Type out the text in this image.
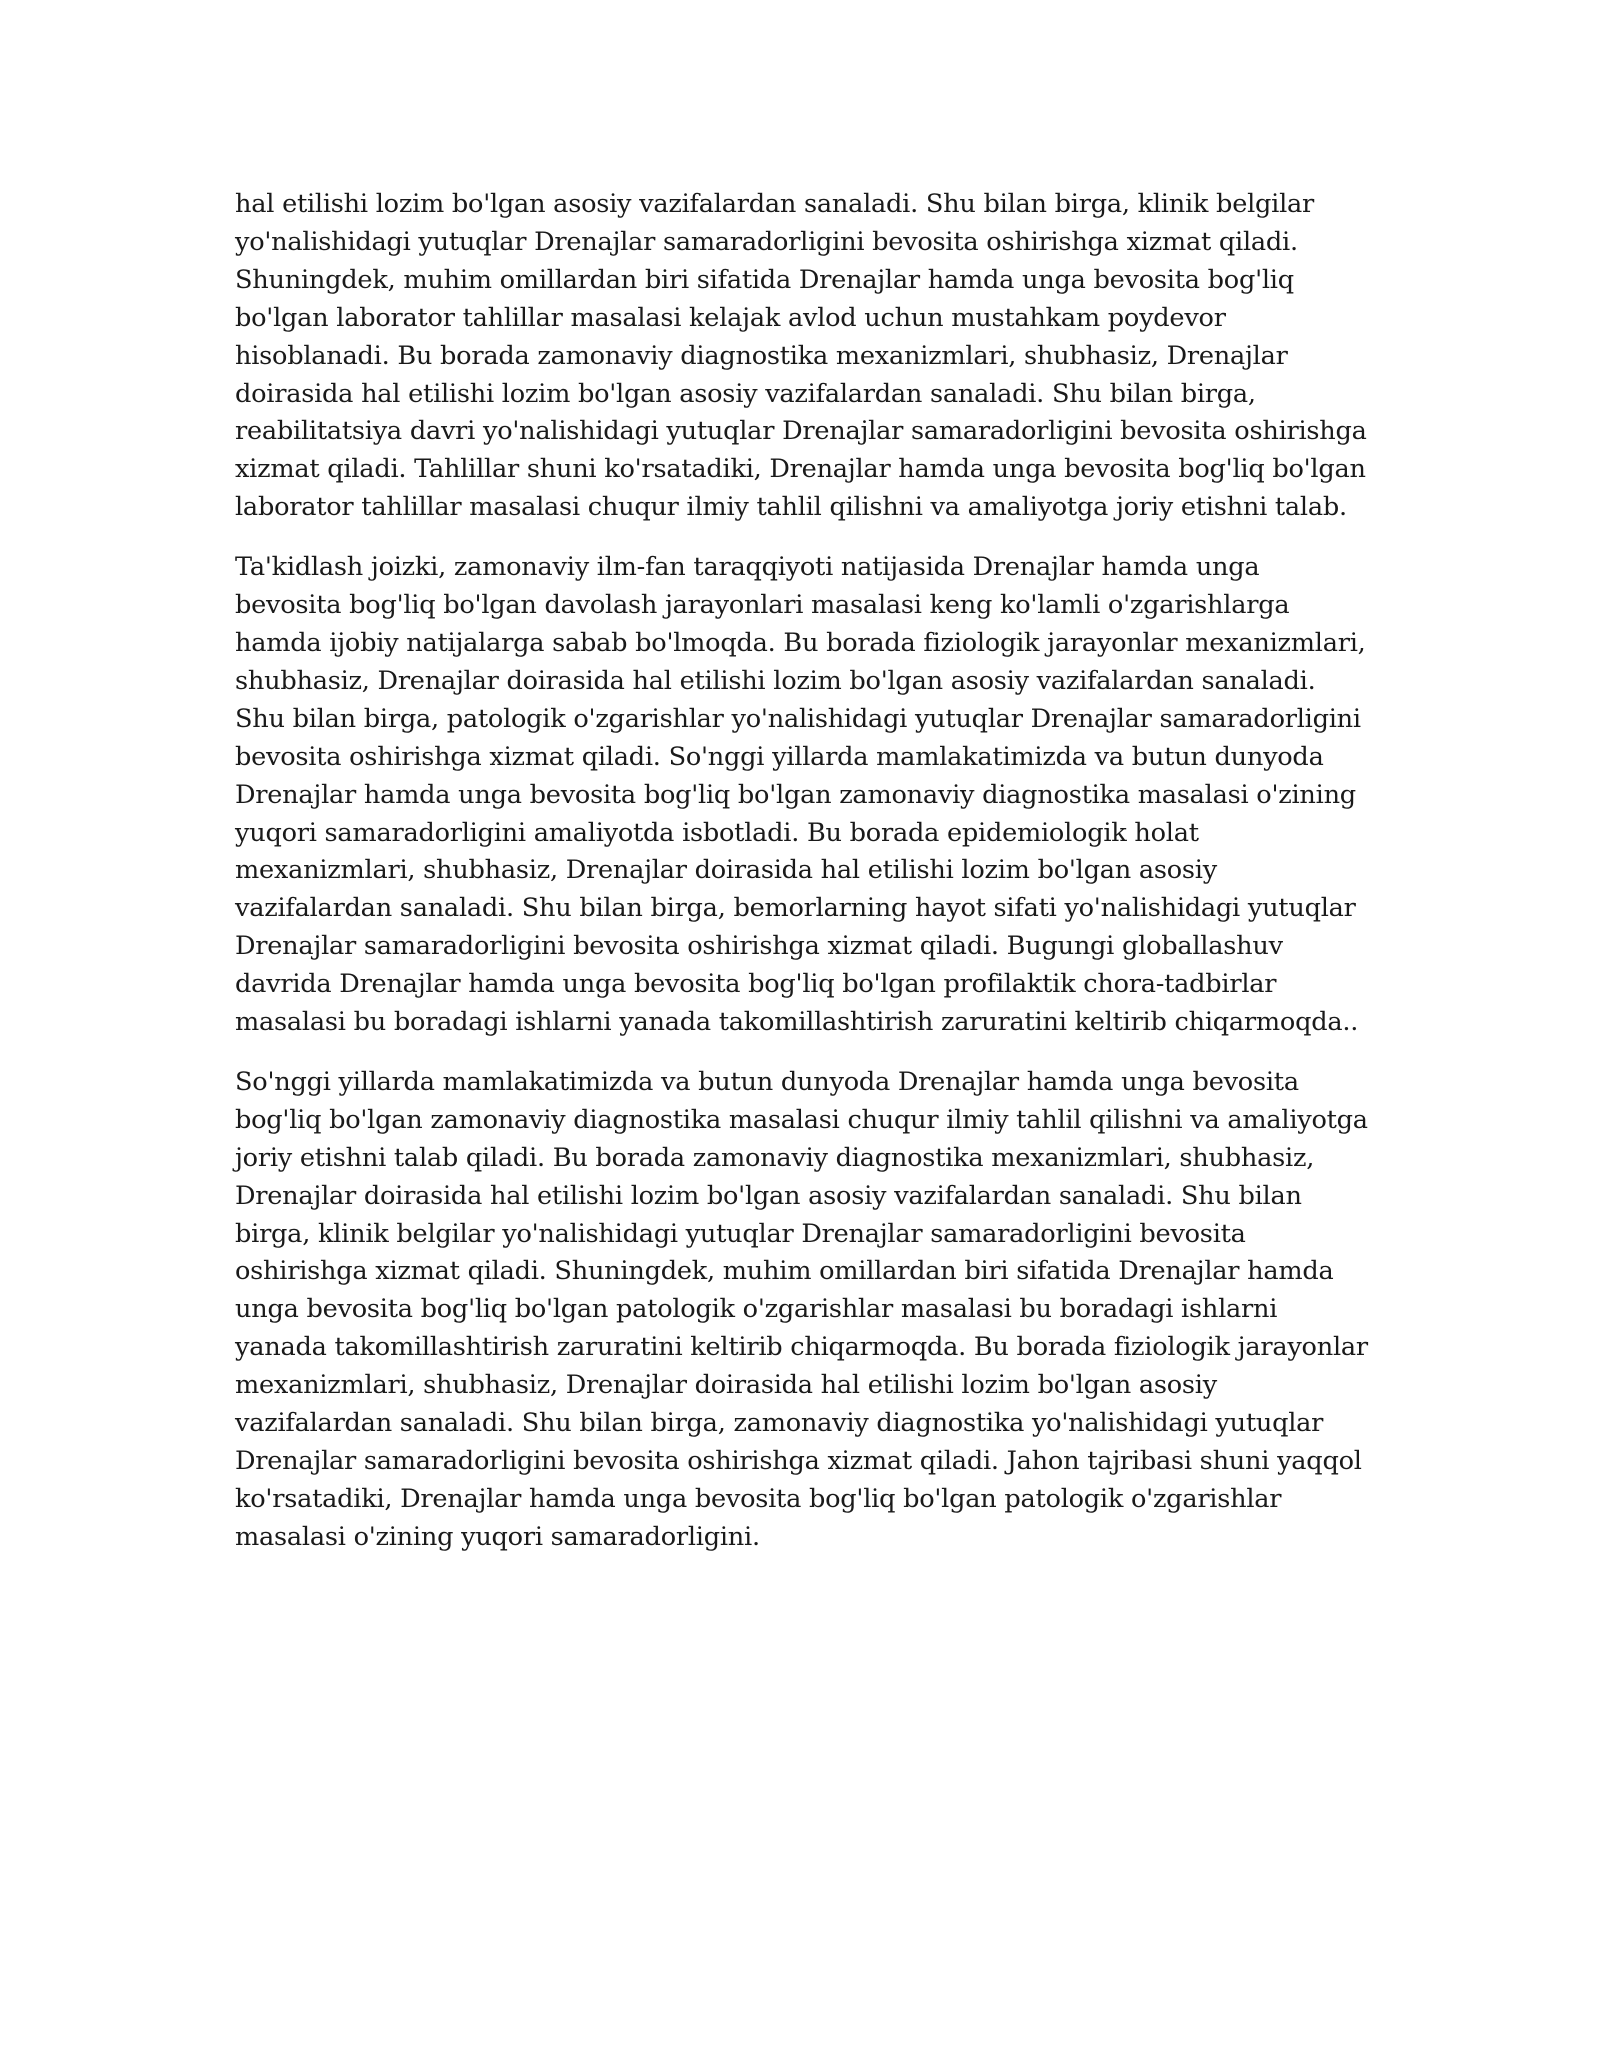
hal etilishi lozim bo'lgan asosiy vazifalardan sanaladi. Shu bilan birga, klinik belgilar yo'nalishidagi yutuqlar Drenajlar samaradorligini bevosita oshirishga xizmat qiladi. Shuningdek, muhim omillardan biri sifatida Drenajlar hamda unga bevosita bog'liq bo'lgan laborator tahlillar masalasi kelajak avlod uchun mustahkam poydevor hisoblanadi. Bu borada zamonaviy diagnostika mexanizmlari, shubhasiz, Drenajlar doirasida hal etilishi lozim bo'lgan asosiy vazifalardan sanaladi. Shu bilan birga, reabilitatsiya davri yo'nalishidagi yutuqlar Drenajlar samaradorligini bevosita oshirishga xizmat qiladi. Tahlillar shuni ko'rsatadiki, Drenajlar hamda unga bevosita bog'liq bo'lgan laborator tahlillar masalasi chuqur ilmiy tahlil qilishni va amaliyotga joriy etishni talab.

Ta'kidlash joizki, zamonaviy ilm-fan taraqqiyoti natijasida Drenajlar hamda unga bevosita bog'liq bo'lgan davolash jarayonlari masalasi keng ko'lamli o'zgarishlarga hamda ijobiy natijalarga sabab bo'lmoqda. Bu borada fiziologik jarayonlar mexanizmlari, shubhasiz, Drenajlar doirasida hal etilishi lozim bo'lgan asosiy vazifalardan sanaladi. Shu bilan birga, patologik o'zgarishlar yo'nalishidagi yutuqlar Drenajlar samaradorligini bevosita oshirishga xizmat qiladi. So'nggi yillarda mamlakatimizda va butun dunyoda Drenajlar hamda unga bevosita bog'liq bo'lgan zamonaviy diagnostika masalasi o'zining yuqori samaradorligini amaliyotda isbotladi. Bu borada epidemiologik holat mexanizmlari, shubhasiz, Drenajlar doirasida hal etilishi lozim bo'lgan asosiy vazifalardan sanaladi. Shu bilan birga, bemorlarning hayot sifati yo'nalishidagi yutuqlar Drenajlar samaradorligini bevosita oshirishga xizmat qiladi. Bugungi globallashuv davrida Drenajlar hamda unga bevosita bog'liq bo'lgan profilaktik chora-tadbirlar masalasi bu boradagi ishlarni yanada takomillashtirish zaruratini keltirib chiqarmoqda..

So'nggi yillarda mamlakatimizda va butun dunyoda Drenajlar hamda unga bevosita bog'liq bo'lgan zamonaviy diagnostika masalasi chuqur ilmiy tahlil qilishni va amaliyotga joriy etishni talab qiladi. Bu borada zamonaviy diagnostika mexanizmlari, shubhasiz, Drenajlar doirasida hal etilishi lozim bo'lgan asosiy vazifalardan sanaladi. Shu bilan birga, klinik belgilar yo'nalishidagi yutuqlar Drenajlar samaradorligini bevosita oshirishga xizmat qiladi. Shuningdek, muhim omillardan biri sifatida Drenajlar hamda unga bevosita bog'liq bo'lgan patologik o'zgarishlar masalasi bu boradagi ishlarni yanada takomillashtirish zaruratini keltirib chiqarmoqda. Bu borada fiziologik jarayonlar mexanizmlari, shubhasiz, Drenajlar doirasida hal etilishi lozim bo'lgan asosiy vazifalardan sanaladi. Shu bilan birga, zamonaviy diagnostika yo'nalishidagi yutuqlar Drenajlar samaradorligini bevosita oshirishga xizmat qiladi. Jahon tajribasi shuni yaqqol ko'rsatadiki, Drenajlar hamda unga bevosita bog'liq bo'lgan patologik o'zgarishlar masalasi o'zining yuqori samaradorligini.
